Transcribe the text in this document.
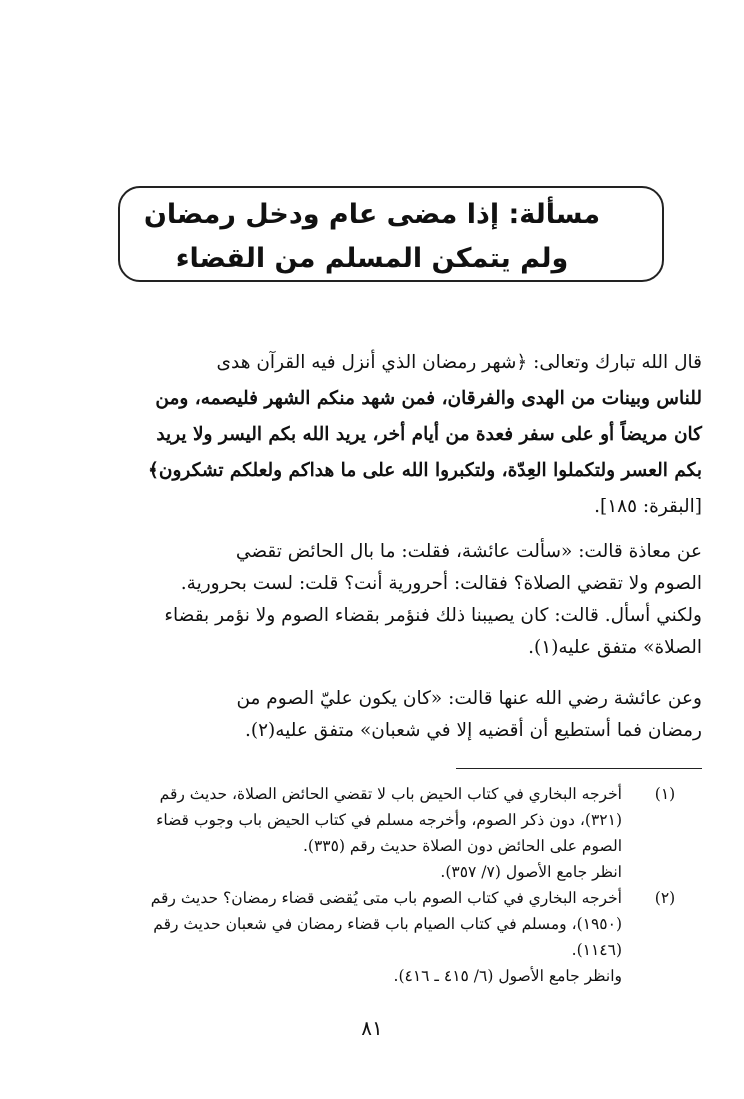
مسألة: إذا مضى عام ودخل رمضان
ولم يتمكن المسلم من القضاء
قال الله تبارك وتعالى: ﴿شهر رمضان الذي أنزل فيه القرآن هدى
للناس وبينات من الهدى والفرقان، فمن شهد منكم الشهر فليصمه، ومن
كان مريضاً أو على سفر فعدة من أيام أخر، يريد الله بكم اليسر ولا يريد
بكم العسر ولتكملوا العِدّة، ولتكبروا الله على ما هداكم ولعلكم تشكرون﴾
[البقرة: ١٨٥].
عن معاذة قالت: «سألت عائشة، فقلت: ما بال الحائض تقضي
الصوم ولا تقضي الصلاة؟ فقالت: أحرورية أنت؟ قلت: لست بحرورية.
ولكني أسأل. قالت: كان يصيبنا ذلك فنؤمر بقضاء الصوم ولا نؤمر بقضاء
الصلاة» متفق عليه(١).
وعن عائشة رضي الله عنها قالت: «كان يكون عليّ الصوم من
رمضان فما أستطيع أن أقضيه إلا في شعبان» متفق عليه(٢).
(١)
أخرجه البخاري في كتاب الحيض باب لا تقضي الحائض الصلاة، حديث رقم
(٣٢١)، دون ذكر الصوم، وأخرجه مسلم في كتاب الحيض باب وجوب قضاء
الصوم على الحائض دون الصلاة حديث رقم (٣٣٥).
انظر جامع الأصول (٧/ ٣٥٧).
(٢)
أخرجه البخاري في كتاب الصوم باب متى يُقضى قضاء رمضان؟ حديث رقم
(١٩٥٠)، ومسلم في كتاب الصيام باب قضاء رمضان في شعبان حديث رقم
(١١٤٦).
وانظر جامع الأصول (٦/ ٤١٥ ـ ٤١٦).
٨١
